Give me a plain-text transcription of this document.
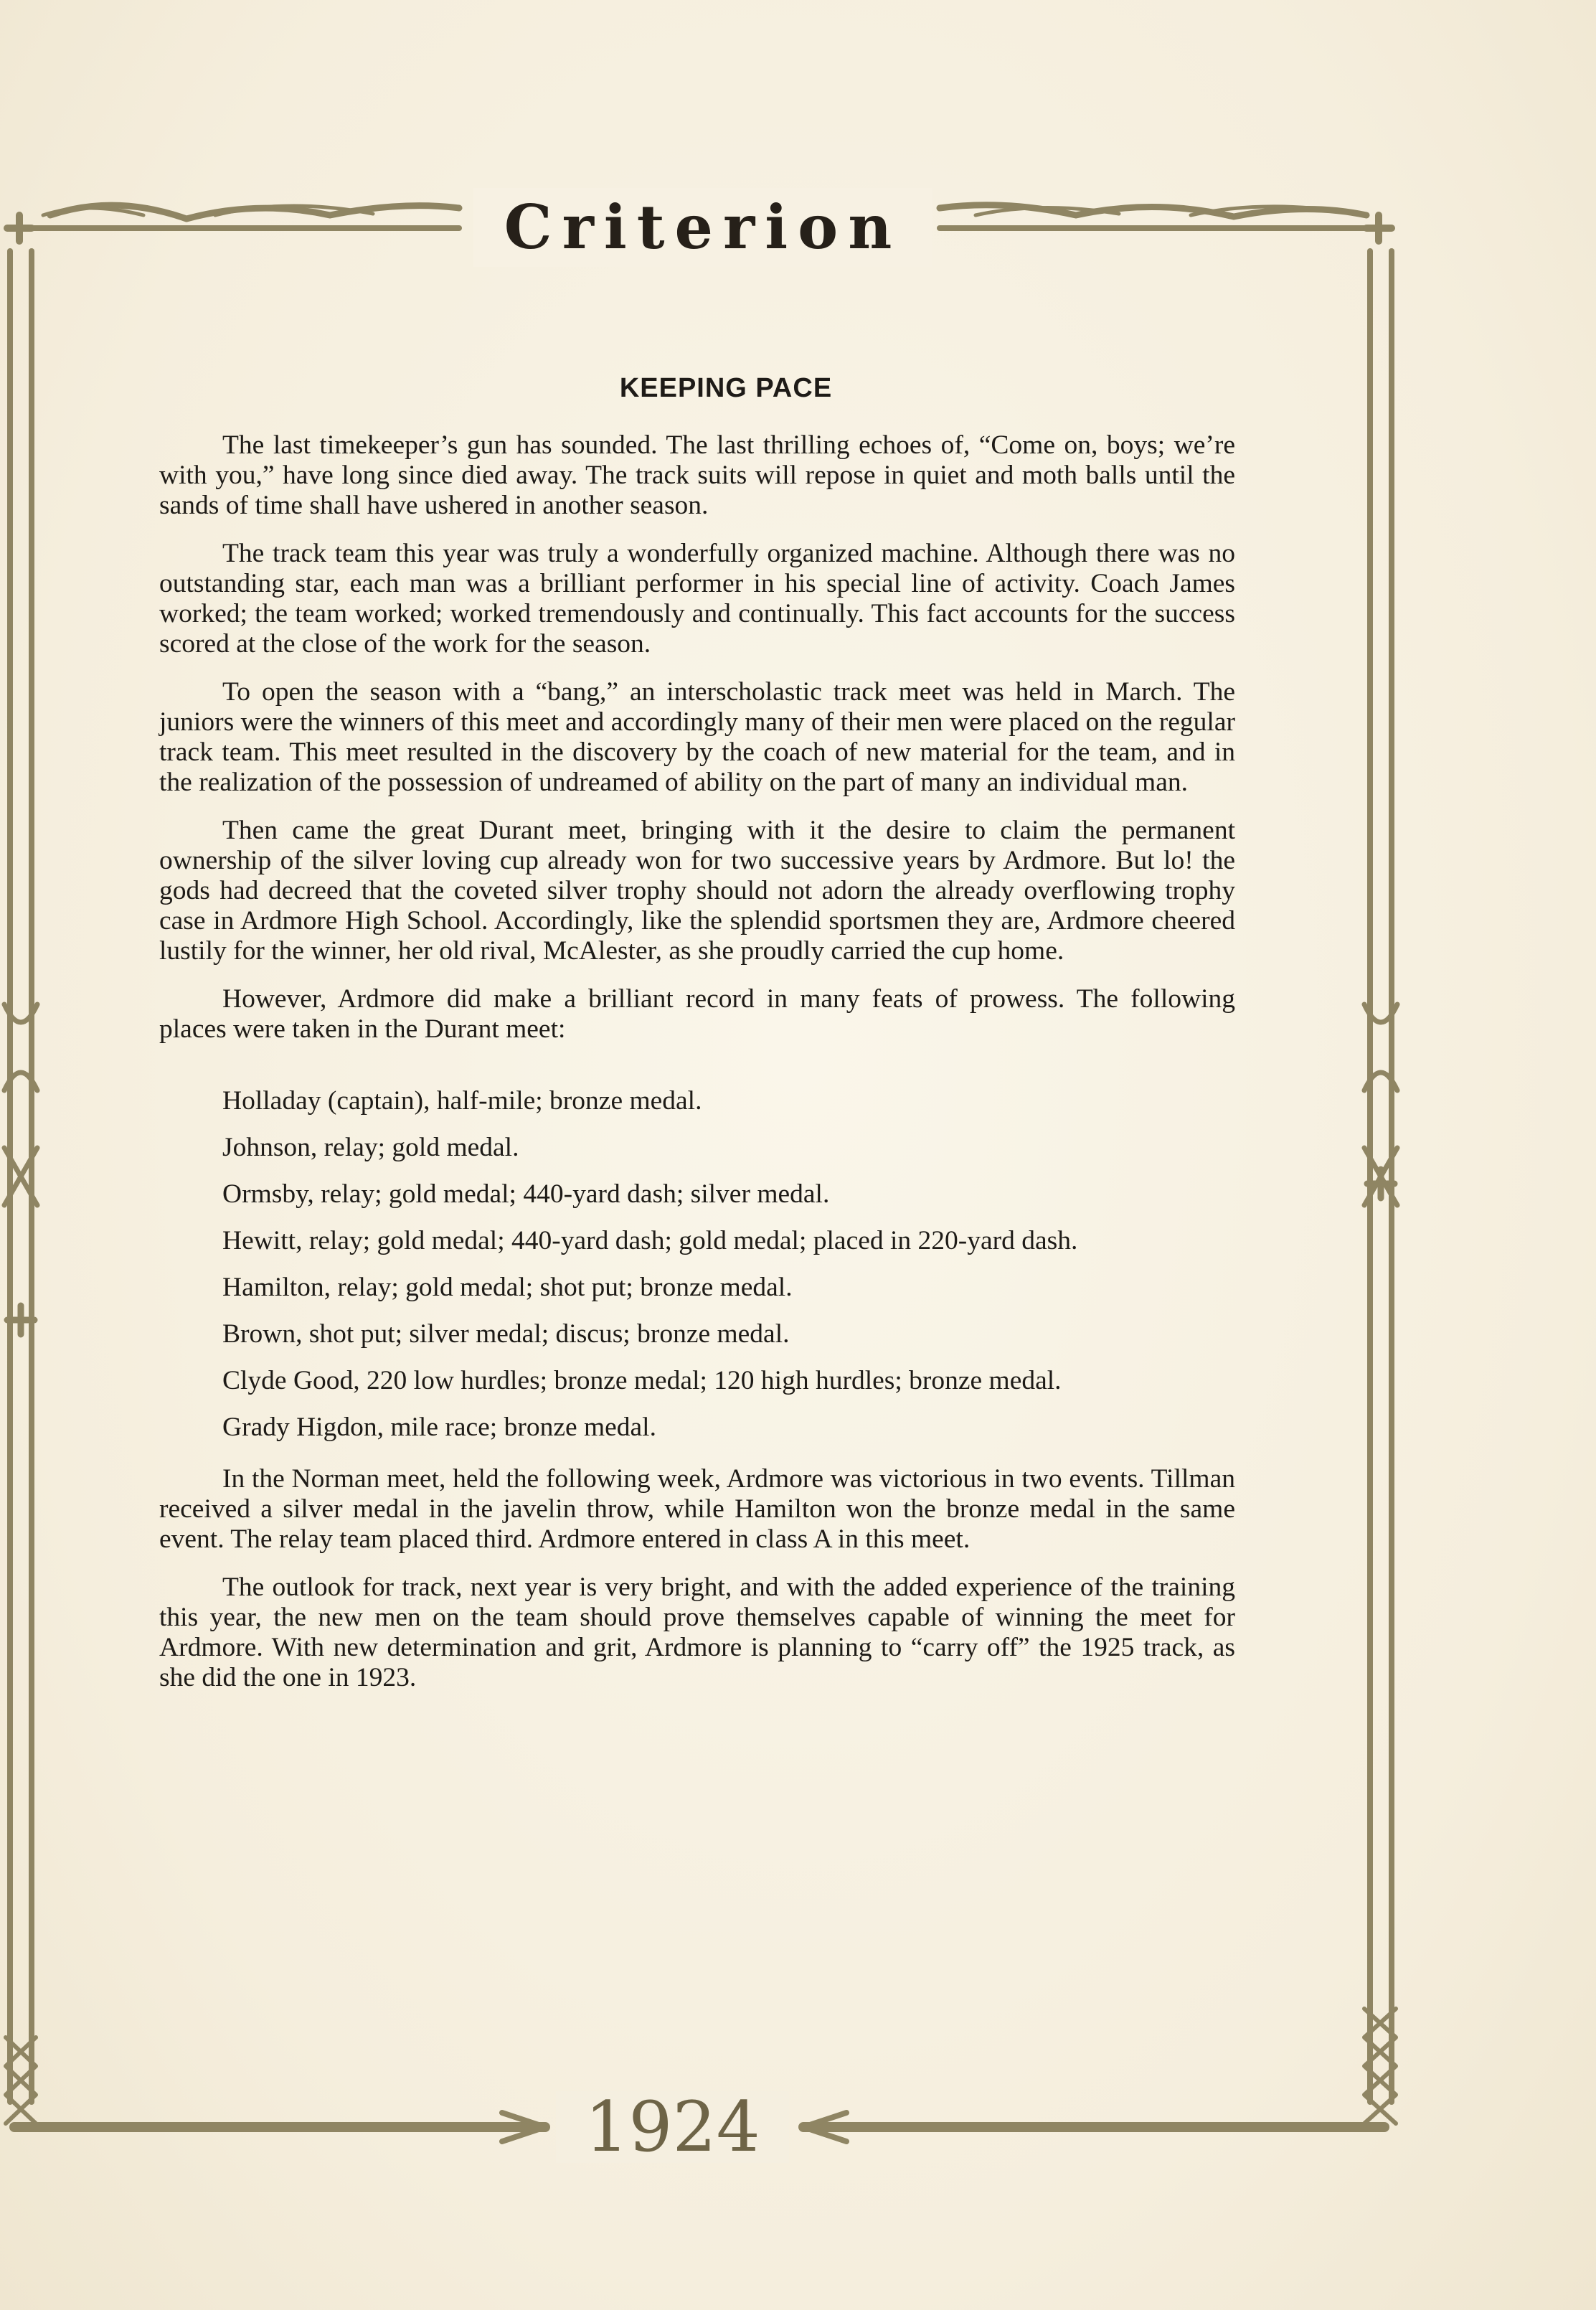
Criterion
KEEPING PACE

The last timekeeper’s gun has sounded. The last thrilling echoes of, “Come on, boys; we’re with you,” have long since died away. The track suits will repose in quiet and moth balls until the sands of time shall have ushered in another season.

The track team this year was truly a wonderfully organized machine. Although there was no outstanding star, each man was a brilliant performer in his special line of activity. Coach James worked; the team worked; worked tremendously and continually. This fact accounts for the success scored at the close of the work for the season.

To open the season with a “bang,” an interscholastic track meet was held in March. The juniors were the winners of this meet and accordingly many of their men were placed on the regular track team. This meet resulted in the discovery by the coach of new material for the team, and in the realization of the possession of undreamed of ability on the part of many an individual man.

Then came the great Durant meet, bringing with it the desire to claim the permanent ownership of the silver loving cup already won for two successive years by Ardmore. But lo! the gods had decreed that the coveted silver trophy should not adorn the already overflowing trophy case in Ardmore High School. Accordingly, like the splendid sportsmen they are, Ardmore cheered lustily for the winner, her old rival, McAlester, as she proudly carried the cup home.

However, Ardmore did make a brilliant record in many feats of prowess. The following places were taken in the Durant meet:

Holladay (captain), half-mile; bronze medal.

Johnson, relay; gold medal.

Ormsby, relay; gold medal; 440-yard dash; silver medal.

Hewitt, relay; gold medal; 440-yard dash; gold medal; placed in 220-yard dash.

Hamilton, relay; gold medal; shot put; bronze medal.

Brown, shot put; silver medal; discus; bronze medal.

Clyde Good, 220 low hurdles; bronze medal; 120 high hurdles; bronze medal.

Grady Higdon, mile race; bronze medal.

In the Norman meet, held the following week, Ardmore was victorious in two events. Tillman received a silver medal in the javelin throw, while Hamilton won the bronze medal in the same event. The relay team placed third. Ardmore entered in class A in this meet.

The outlook for track, next year is very bright, and with the added experience of the training this year, the new men on the team should prove themselves capable of winning the meet for Ardmore. With new determination and grit, Ardmore is planning to “carry off” the 1925 track, as she did the one in 1923.

1924
